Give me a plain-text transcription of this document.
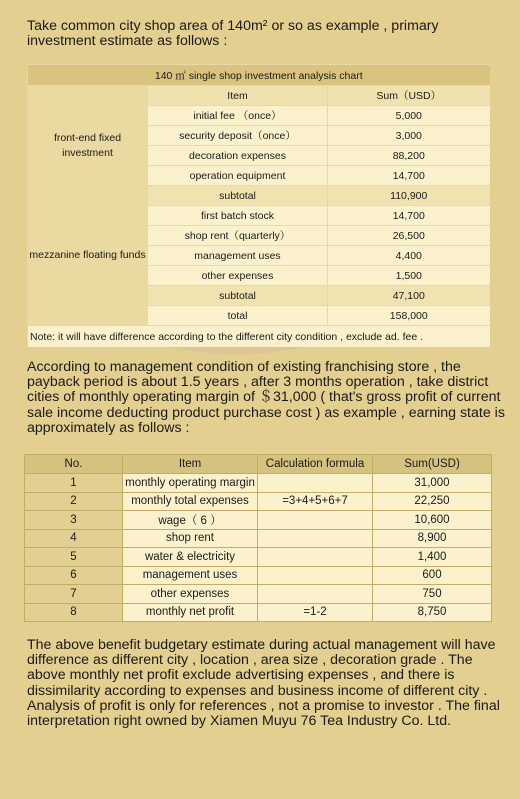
Take common city shop area of 140m² or so as example , primary investment estimate as follows :

140 ㎡ single shop investment analysis chart		
front-end fixed investment	Item	Sum（USD）
	initial fee （once）	5,000
	security deposit（once）	3,000
	decoration expenses	88,200
	operation equipment	14,700
	subtotal	110,900
mezzanine floating funds	first batch stock	14,700
	shop rent（quarterly）	26,500
	management uses	4,400
	other expenses	1,500
	subtotal	47,100
	total	158,000
Note: it will have difference according to the different city condition , exclude ad. fee .		

According to management condition of existing franchising store , the payback period is about 1.5 years , after 3 months operation , take district cities of monthly operating margin of ＄31,000 ( that's gross profit of current sale income deducting product purchase cost ) as example , earning state is approximately as follows :

No.	Item	Calculation formula	Sum(USD)
1	monthly operating margin		31,000
2	monthly total expenses	=3+4+5+6+7	22,250
3	wage（ 6 ）		10,600
4	shop rent		8,900
5	water & electricity		1,400
6	management uses		600
7	other expenses		750
8	monthly net profit	=1-2	8,750

The above benefit budgetary estimate during actual management will have difference as different city , location , area size , decoration grade . The above monthly net profit exclude advertising expenses , and there is dissimilarity according to expenses and business income of different city . Analysis of profit is only for references , not a promise to investor . The final interpretation right owned by Xiamen Muyu 76 Tea Industry Co. Ltd.
